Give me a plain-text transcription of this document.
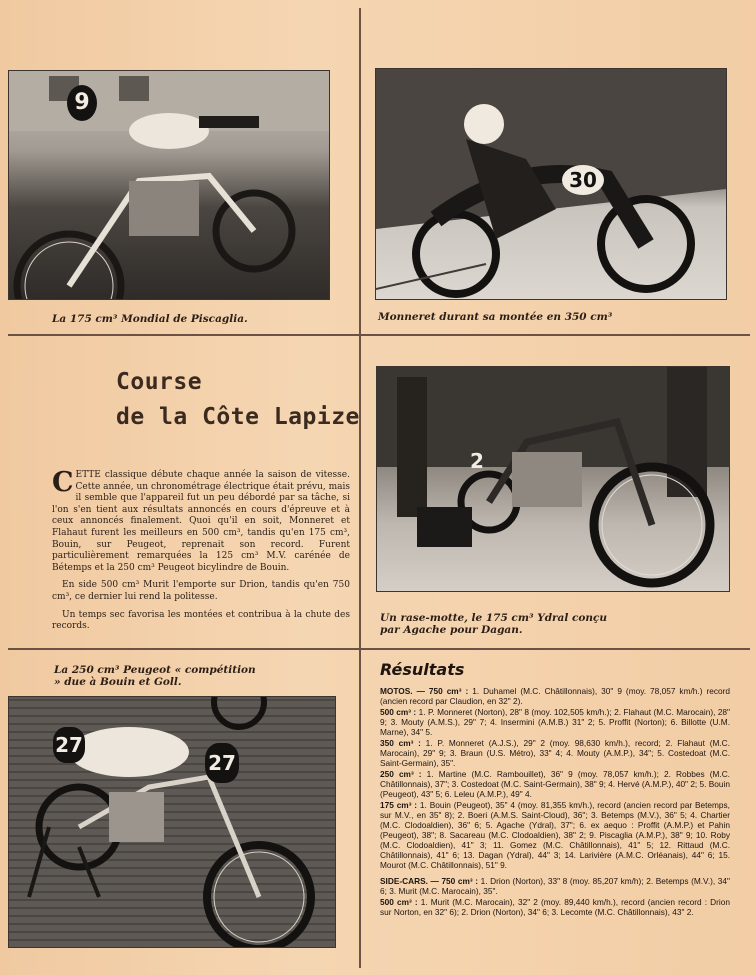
9

La 175 cm³ Mondial de Piscaglia.

30

Monneret durant sa montée en 350 cm³

Course
de la Côte Lapize

CETTE classique débute chaque année la saison de vitesse. Cette année, un chronométrage électrique était prévu, mais il semble que l'appareil fut un peu débordé par sa tâche, si l'on s'en tient aux résultats annoncés en cours d'épreuve et à ceux annoncés finalement. Quoi qu'il en soit, Monneret et Flahaut furent les meilleurs en 500 cm³, tandis qu'en 175 cm³, Bouin, sur Peugeot, reprenait son record. Furent particulièrement remarquées la 125 cm³ M.V. carénée de Bétemps et la 250 cm³ Peugeot bicylindre de Bouin.

En side 500 cm³ Murit l'emporte sur Drion, tandis qu'en 750 cm³, ce dernier lui rend la politesse.

Un temps sec favorisa les montées et contribua à la chute des records.

2

Un rase-motte, le 175 cm³ Ydral conçu par Agache pour Dagan.

La 250 cm³ Peugeot « compétition » due à Bouin et Goll.

27
27
Résultats

MOTOS. — 750 cm³ : 1. Duhamel (M.C. Châtillonnais), 30" 9 (moy. 78,057 km/h.) record (ancien record par Claudion, en 32" 2).

500 cm³ : 1. P. Monneret (Norton), 28" 8 (moy. 102,505 km/h.); 2. Flahaut (M.C. Marocain), 28" 9; 3. Mouty (A.M.S.), 29" 7; 4. Insermini (A.M.B.) 31" 2; 5. Proffit (Norton); 6. Billotte (U.M. Marne), 34" 5.

350 cm³ : 1. P. Monneret (A.J.S.), 29" 2 (moy. 98,630 km/h.), record; 2. Flahaut (M.C. Marocain), 29" 9; 3. Braun (U.S. Métro), 33" 4; 4. Mouty (A.M.P.), 34"; 5. Costedoat (M.C. Saint-Germain), 35".

250 cm³ : 1. Martine (M.C. Rambouillet), 36" 9 (moy. 78,057 km/h.); 2. Robbes (M.C. Châtillonnais), 37"; 3. Costedoat (M.C. Saint-Germain), 38" 9; 4. Hervé (A.M.P.), 40" 2; 5. Bouin (Peugeot), 43" 5; 6. Leleu (A.M.P.), 49" 4.

175 cm³ : 1. Bouin (Peugeot), 35" 4 (moy. 81,355 km/h.), record (ancien record par Betemps, sur M.V., en 35" 8); 2. Boeri (A.M.S. Saint-Cloud), 36"; 3. Betemps (M.V.), 36" 5; 4. Chartier (M.C. Clodoaldien), 36" 6; 5. Agache (Ydral), 37"; 6. ex aequo : Proffit (A.M.P.) et Pahin (Peugeot), 38"; 8. Sacareau (M.C. Clodoaldien), 38" 2; 9. Piscaglia (A.M.P.), 38" 9; 10. Roby (M.C. Clodoaldien), 41" 3; 11. Gomez (M.C. Châtillonnais), 41" 5; 12. Rittaud (M.C. Châtillonnais), 41" 6; 13. Dagan (Ydral), 44" 3; 14. Larivière (A.M.C. Orléanais), 44" 6; 15. Mourot (M.C. Châtillonnais), 51" 9.

SIDE-CARS. — 750 cm³ : 1. Drion (Norton), 33" 8 (moy. 85,207 km/h); 2. Betemps (M.V.), 34" 6; 3. Murit (M.C. Marocain), 35".

500 cm³ : 1. Murit (M.C. Marocain), 32" 2 (moy. 89,440 km/h.), record (ancien record : Drion sur Norton, en 32" 6); 2. Drion (Norton), 34" 6; 3. Lecomte (M.C. Châtillonnais), 43" 2.
